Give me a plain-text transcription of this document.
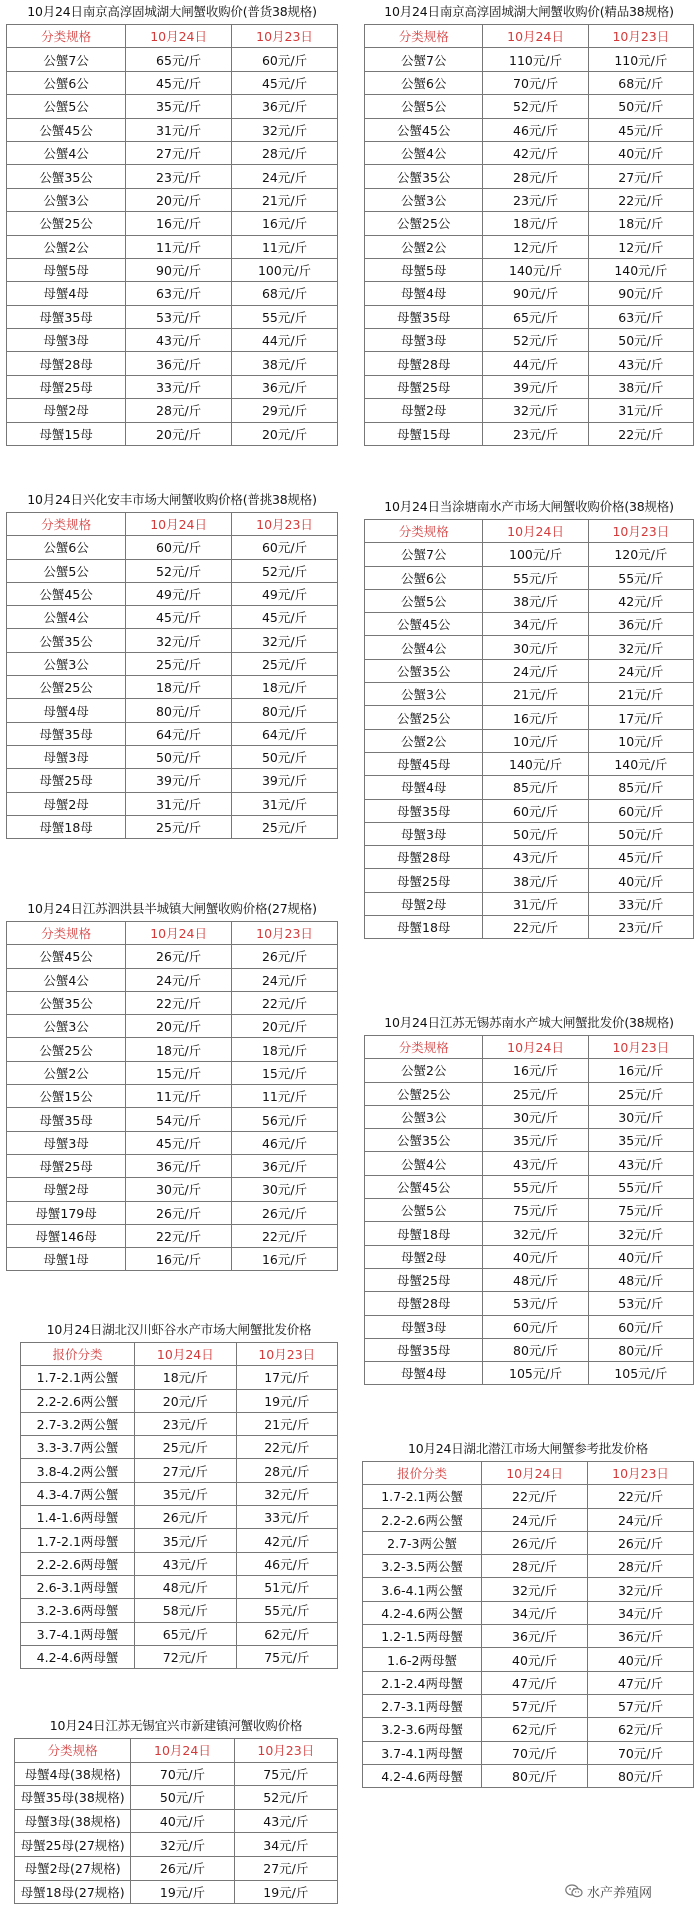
10月24日南京高淳固城湖大闸蟹收购价(普货38规格)
分类规格	10月24日	10月23日
公蟹7公	65元/斤	60元/斤
公蟹6公	45元/斤	45元/斤
公蟹5公	35元/斤	36元/斤
公蟹45公	31元/斤	32元/斤
公蟹4公	27元/斤	28元/斤
公蟹35公	23元/斤	24元/斤
公蟹3公	20元/斤	21元/斤
公蟹25公	16元/斤	16元/斤
公蟹2公	11元/斤	11元/斤
母蟹5母	90元/斤	100元/斤
母蟹4母	63元/斤	68元/斤
母蟹35母	53元/斤	55元/斤
母蟹3母	43元/斤	44元/斤
母蟹28母	36元/斤	38元/斤
母蟹25母	33元/斤	36元/斤
母蟹2母	28元/斤	29元/斤
母蟹15母	20元/斤	20元/斤
10月24日兴化安丰市场大闸蟹收购价格(普挑38规格)
分类规格	10月24日	10月23日
公蟹6公	60元/斤	60元/斤
公蟹5公	52元/斤	52元/斤
公蟹45公	49元/斤	49元/斤
公蟹4公	45元/斤	45元/斤
公蟹35公	32元/斤	32元/斤
公蟹3公	25元/斤	25元/斤
公蟹25公	18元/斤	18元/斤
母蟹4母	80元/斤	80元/斤
母蟹35母	64元/斤	64元/斤
母蟹3母	50元/斤	50元/斤
母蟹25母	39元/斤	39元/斤
母蟹2母	31元/斤	31元/斤
母蟹18母	25元/斤	25元/斤
10月24日江苏泗洪县半城镇大闸蟹收购价格(27规格)
分类规格	10月24日	10月23日
公蟹45公	26元/斤	26元/斤
公蟹4公	24元/斤	24元/斤
公蟹35公	22元/斤	22元/斤
公蟹3公	20元/斤	20元/斤
公蟹25公	18元/斤	18元/斤
公蟹2公	15元/斤	15元/斤
公蟹15公	11元/斤	11元/斤
母蟹35母	54元/斤	56元/斤
母蟹3母	45元/斤	46元/斤
母蟹25母	36元/斤	36元/斤
母蟹2母	30元/斤	30元/斤
母蟹179母	26元/斤	26元/斤
母蟹146母	22元/斤	22元/斤
母蟹1母	16元/斤	16元/斤
10月24日湖北汉川虾谷水产市场大闸蟹批发价格
报价分类	10月24日	10月23日
1.7-2.1两公蟹	18元/斤	17元/斤
2.2-2.6两公蟹	20元/斤	19元/斤
2.7-3.2两公蟹	23元/斤	21元/斤
3.3-3.7两公蟹	25元/斤	22元/斤
3.8-4.2两公蟹	27元/斤	28元/斤
4.3-4.7两公蟹	35元/斤	32元/斤
1.4-1.6两母蟹	26元/斤	33元/斤
1.7-2.1两母蟹	35元/斤	42元/斤
2.2-2.6两母蟹	43元/斤	46元/斤
2.6-3.1两母蟹	48元/斤	51元/斤
3.2-3.6两母蟹	58元/斤	55元/斤
3.7-4.1两母蟹	65元/斤	62元/斤
4.2-4.6两母蟹	72元/斤	75元/斤
10月24日江苏无锡宜兴市新建镇河蟹收购价格
分类规格	10月24日	10月23日
母蟹4母(38规格)	70元/斤	75元/斤
母蟹35母(38规格)	50元/斤	52元/斤
母蟹3母(38规格)	40元/斤	43元/斤
母蟹25母(27规格)	32元/斤	34元/斤
母蟹2母(27规格)	26元/斤	27元/斤
母蟹18母(27规格)	19元/斤	19元/斤
10月24日南京高淳固城湖大闸蟹收购价(精品38规格)
分类规格	10月24日	10月23日
公蟹7公	110元/斤	110元/斤
公蟹6公	70元/斤	68元/斤
公蟹5公	52元/斤	50元/斤
公蟹45公	46元/斤	45元/斤
公蟹4公	42元/斤	40元/斤
公蟹35公	28元/斤	27元/斤
公蟹3公	23元/斤	22元/斤
公蟹25公	18元/斤	18元/斤
公蟹2公	12元/斤	12元/斤
母蟹5母	140元/斤	140元/斤
母蟹4母	90元/斤	90元/斤
母蟹35母	65元/斤	63元/斤
母蟹3母	52元/斤	50元/斤
母蟹28母	44元/斤	43元/斤
母蟹25母	39元/斤	38元/斤
母蟹2母	32元/斤	31元/斤
母蟹15母	23元/斤	22元/斤
10月24日当涂塘南水产市场大闸蟹收购价格(38规格)
分类规格	10月24日	10月23日
公蟹7公	100元/斤	120元/斤
公蟹6公	55元/斤	55元/斤
公蟹5公	38元/斤	42元/斤
公蟹45公	34元/斤	36元/斤
公蟹4公	30元/斤	32元/斤
公蟹35公	24元/斤	24元/斤
公蟹3公	21元/斤	21元/斤
公蟹25公	16元/斤	17元/斤
公蟹2公	10元/斤	10元/斤
母蟹45母	140元/斤	140元/斤
母蟹4母	85元/斤	85元/斤
母蟹35母	60元/斤	60元/斤
母蟹3母	50元/斤	50元/斤
母蟹28母	43元/斤	45元/斤
母蟹25母	38元/斤	40元/斤
母蟹2母	31元/斤	33元/斤
母蟹18母	22元/斤	23元/斤
10月24日江苏无锡苏南水产城大闸蟹批发价(38规格)
分类规格	10月24日	10月23日
公蟹2公	16元/斤	16元/斤
公蟹25公	25元/斤	25元/斤
公蟹3公	30元/斤	30元/斤
公蟹35公	35元/斤	35元/斤
公蟹4公	43元/斤	43元/斤
公蟹45公	55元/斤	55元/斤
公蟹5公	75元/斤	75元/斤
母蟹18母	32元/斤	32元/斤
母蟹2母	40元/斤	40元/斤
母蟹25母	48元/斤	48元/斤
母蟹28母	53元/斤	53元/斤
母蟹3母	60元/斤	60元/斤
母蟹35母	80元/斤	80元/斤
母蟹4母	105元/斤	105元/斤
10月24日湖北潜江市场大闸蟹参考批发价格
报价分类	10月24日	10月23日
1.7-2.1两公蟹	22元/斤	22元/斤
2.2-2.6两公蟹	24元/斤	24元/斤
2.7-3两公蟹	26元/斤	26元/斤
3.2-3.5两公蟹	28元/斤	28元/斤
3.6-4.1两公蟹	32元/斤	32元/斤
4.2-4.6两公蟹	34元/斤	34元/斤
1.2-1.5两母蟹	36元/斤	36元/斤
1.6-2两母蟹	40元/斤	40元/斤
2.1-2.4两母蟹	47元/斤	47元/斤
2.7-3.1两母蟹	57元/斤	57元/斤
3.2-3.6两母蟹	62元/斤	62元/斤
3.7-4.1两母蟹	70元/斤	70元/斤
4.2-4.6两母蟹	80元/斤	80元/斤
水产养殖网
